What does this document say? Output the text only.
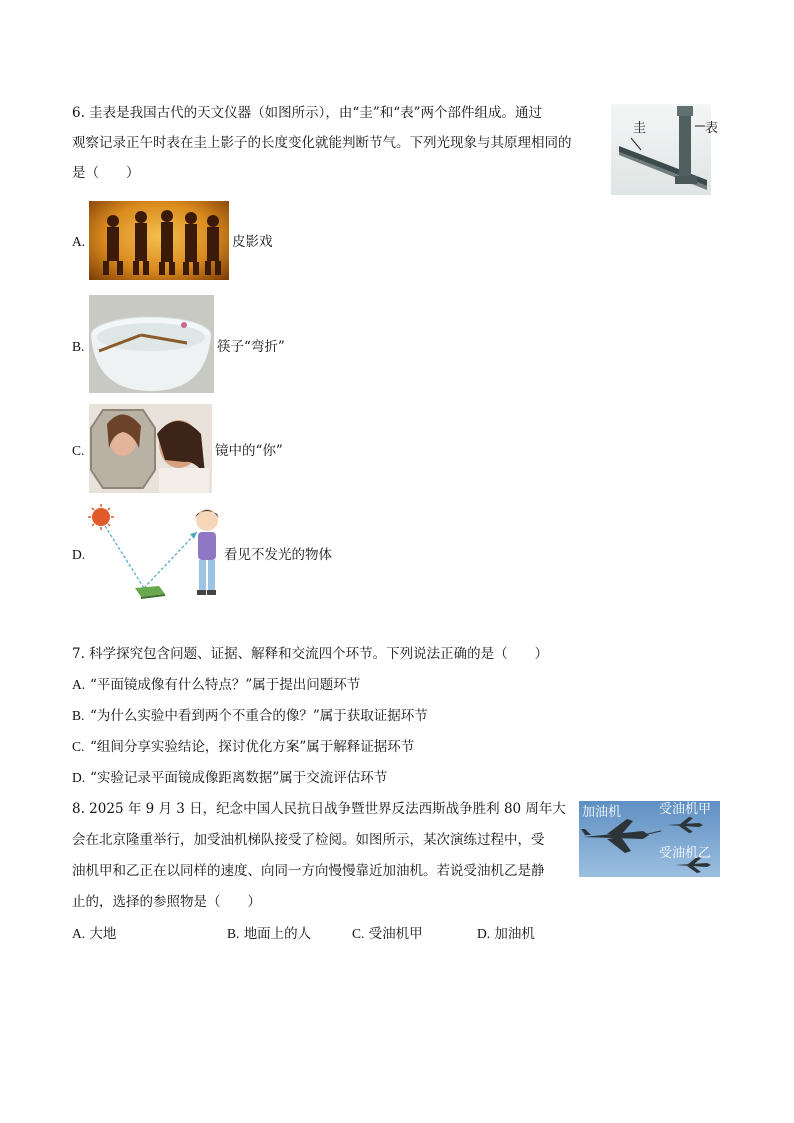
6. 圭表是我国古代的天文仪器（如图所示），由“圭”和“表”两个部件组成。通过
观察记录正午时表在圭上影子的长度变化就能判断节气。下列光现象与其原理相同的
是（　　）
圭	表
A.	皮影戏
B.	筷子“弯折”
C.	镜中的“你”
D.	看见不发光的物体
7. 科学探究包含问题、证据、解释和交流四个环节。下列说法正确的是（　　）
A. “平面镜成像有什么特点？”属于提出问题环节
B. “为什么实验中看到两个不重合的像？”属于获取证据环节
C. “组间分享实验结论，探讨优化方案”属于解释证据环节
D. “实验记录平面镜成像距离数据”属于交流评估环节
8. 2025 年 9 月 3 日，纪念中国人民抗日战争暨世界反法西斯战争胜利 80 周年大
会在北京隆重举行，加受油机梯队接受了检阅。如图所示，某次演练过程中，受
油机甲和乙正在以同样的速度、向同一方向慢慢靠近加油机。若说受油机乙是静
止的，选择的参照物是（　　）
加油机	受油机甲
受油机乙
A. 大地	B. 地面上的人	C. 受油机甲	D. 加油机
